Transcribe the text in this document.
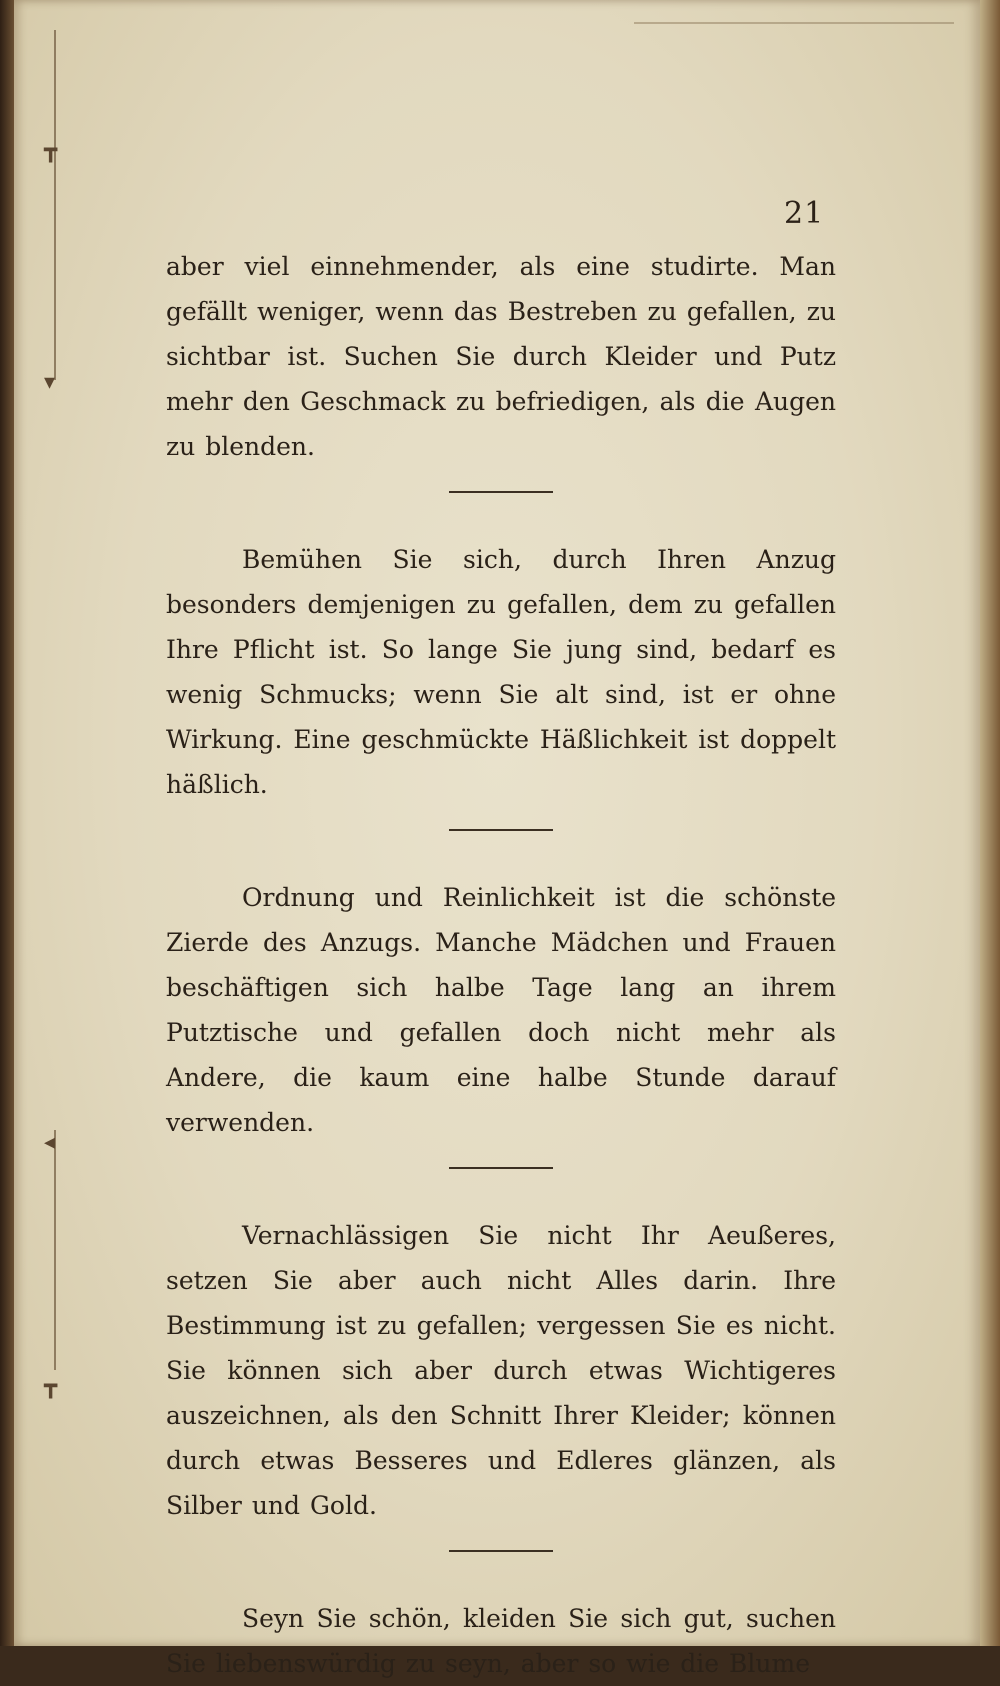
┳
▾
◂
┳
21

aber viel einnehmender, als eine studirte. Man gefällt weniger, wenn das Bestreben zu gefallen, zu sichtbar ist. Suchen Sie durch Kleider und Putz mehr den Geschmack zu befriedigen, als die Augen zu blenden.

Bemühen Sie sich, durch Ihren Anzug besonders demjenigen zu gefallen, dem zu gefallen Ihre Pflicht ist. So lange Sie jung sind, bedarf es wenig Schmucks; wenn Sie alt sind, ist er ohne Wirkung. Eine geschmückte Häßlichkeit ist doppelt häßlich.

Ordnung und Reinlichkeit ist die schönste Zierde des Anzugs. Manche Mädchen und Frauen beschäftigen sich halbe Tage lang an ihrem Putztische und gefallen doch nicht mehr als Andere, die kaum eine halbe Stunde darauf verwenden.

Vernachlässigen Sie nicht Ihr Aeußeres, setzen Sie aber auch nicht Alles darin. Ihre Bestimmung ist zu gefallen; vergessen Sie es nicht. Sie können sich aber durch etwas Wichtigeres auszeichnen, als den Schnitt Ihrer Kleider; können durch etwas Besseres und Edleres glänzen, als Silber und Gold.

Seyn Sie schön, kleiden Sie sich gut, suchen Sie liebenswürdig zu seyn, aber so wie die Blume
